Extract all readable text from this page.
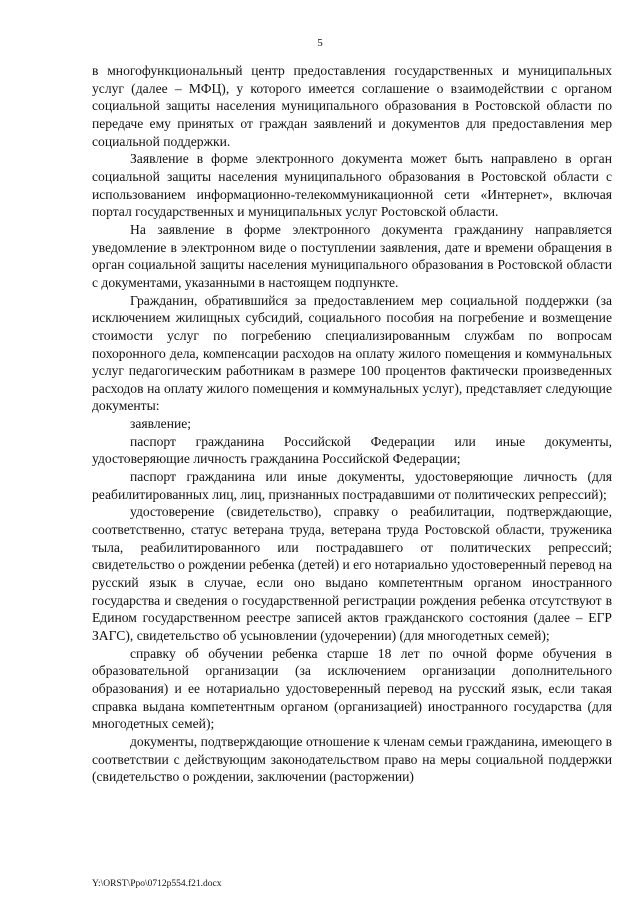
5

в многофункциональный центр предоставления государственных и муниципальных услуг (далее – МФЦ), у которого имеется соглашение о взаимодействии с органом социальной защиты населения муниципального образования в Ростовской области по передаче ему принятых от граждан заявлений и документов для предоставления мер социальной поддержки.

Заявление в форме электронного документа может быть направлено в орган социальной защиты населения муниципального образования в Ростовской области с использованием информационно-телекоммуникационной сети «Интернет», включая портал государственных и муниципальных услуг Ростовской области.

На заявление в форме электронного документа гражданину направляется уведомление в электронном виде о поступлении заявления, дате и времени обращения в орган социальной защиты населения муниципального образования в Ростовской области с документами, указанными в настоящем подпункте.

Гражданин, обратившийся за предоставлением мер социальной поддержки (за исключением жилищных субсидий, социального пособия на погребение и возмещение стоимости услуг по погребению специализированным службам по вопросам похоронного дела, компенсации расходов на оплату жилого помещения и коммунальных услуг педагогическим работникам в размере 100 процентов фактически произведенных расходов на оплату жилого помещения и коммунальных услуг), представляет следующие документы:

заявление;

паспорт гражданина Российской Федерации или иные документы, удостоверяющие личность гражданина Российской Федерации;

паспорт гражданина или иные документы, удостоверяющие личность (для реабилитированных лиц, лиц, признанных пострадавшими от политических репрессий);

удостоверение (свидетельство), справку о реабилитации, подтверждающие, соответственно, статус ветерана труда, ветерана труда Ростовской области, труженика тыла, реабилитированного или пострадавшего от политических репрессий; свидетельство о рождении ребенка (детей) и его нотариально удостоверенный перевод на русский язык в случае, если оно выдано компетентным органом иностранного государства и сведения о государственной регистрации рождения ребенка отсутствуют в Едином государственном реестре записей актов гражданского состояния (далее – ЕГР ЗАГС), свидетельство об усыновлении (удочерении) (для многодетных семей);

справку об обучении ребенка старше 18 лет по очной форме обучения в образовательной организации (за исключением организации дополнительного образования) и ее нотариально удостоверенный перевод на русский язык, если такая справка выдана компетентным органом (организацией) иностранного государства (для многодетных семей);

документы, подтверждающие отношение к членам семьи гражданина, имеющего в соответствии с действующим законодательством право на меры социальной поддержки (свидетельство о рождении, заключении (расторжении)

Y:\ORST\Ppo\0712p554.f21.docx
